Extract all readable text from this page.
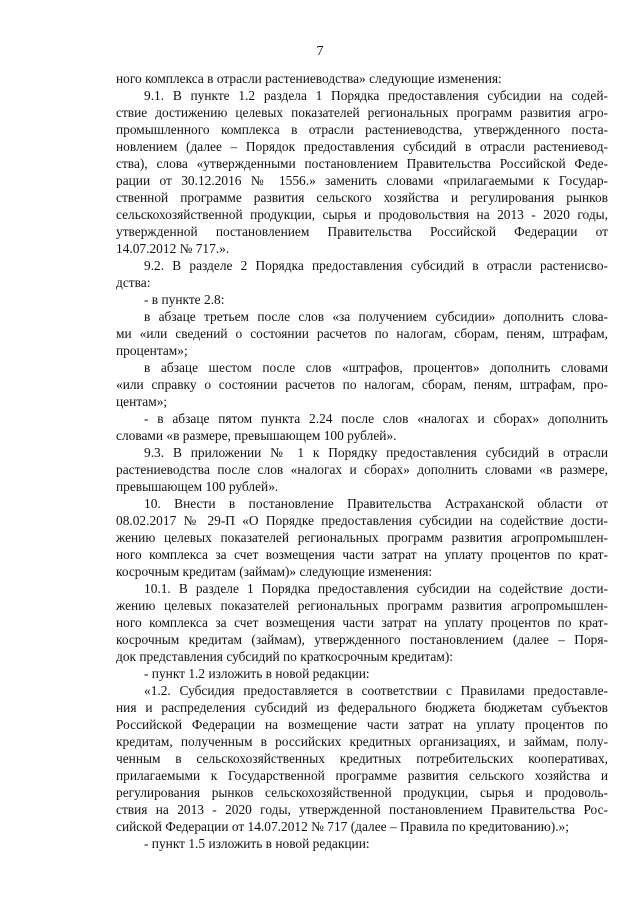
7
ного комплекса в отрасли растениеводства» следующие изменения:
9.1. В пункте 1.2 раздела 1 Порядка предоставления субсидии на содей-
ствие достижению целевых показателей региональных программ развития агро-
промышленного комплекса в отрасли растениеводства, утвержденного поста-
новлением (далее – Порядок предоставления субсидий в отрасли растениевод-
ства), слова «утвержденными постановлением Правительства Российской Феде-
рации от 30.12.2016 № 1556.» заменить словами «прилагаемыми к Государ-
ственной программе развития сельского хозяйства и регулирования рынков
сельскохозяйственной продукции, сырья и продовольствия на 2013 - 2020 годы,
утвержденной постановлением Правительства Российской Федерации от
14.07.2012 № 717.».
9.2. В разделе 2 Порядка предоставления субсидий в отрасли растенисво-
дства:
- в пункте 2.8:
в абзаце третьем после слов «за получением субсидии» дополнить слова-
ми «или сведений о состоянии расчетов по налогам, сборам, пеням, штрафам,
процентам»;
в абзаце шестом после слов «штрафов, процентов» дополнить словами
«или справку о состоянии расчетов по налогам, сборам, пеням, штрафам, про-
центам»;
- в абзаце пятом пункта 2.24 после слов «налогах и сборах» дополнить
словами «в размере, превышающем 100 рублей».
9.3. В приложении № 1 к Порядку предоставления субсидий в отрасли
растениеводства после слов «налогах и сборах» дополнить словами «в размере,
превышающем 100 рублей».
10. Внести в постановление Правительства Астраханской области от
08.02.2017 № 29-П «О Порядке предоставления субсидии на содействие дости-
жению целевых показателей региональных программ развития агропромышлен-
ного комплекса за счет возмещения части затрат на уплату процентов по крат-
косрочным кредитам (займам)» следующие изменения:
10.1. В разделе 1 Порядка предоставления субсидии на содействие дости-
жению целевых показателей региональных программ развития агропромышлен-
ного комплекса за счет возмещения части затрат на уплату процентов по крат-
косрочным кредитам (займам), утвержденного постановлением (далее – Поря-
док представления субсидий по краткосрочным кредитам):
- пункт 1.2 изложить в новой редакции:
«1.2. Субсидия предоставляется в соответствии с Правилами предоставле-
ния и распределения субсидий из федерального бюджета бюджетам субъектов
Российской Федерации на возмещение части затрат на уплату процентов по
кредитам, полученным в российских кредитных организациях, и займам, полу-
ченным в сельскохозяйственных кредитных потребительских кооперативах,
прилагаемыми к Государственной программе развития сельского хозяйства и
регулирования рынков сельскохозяйственной продукции, сырья и продоволь-
ствия на 2013 - 2020 годы, утвержденной постановлением Правительства Рос-
сийской Федерации от 14.07.2012 № 717 (далее – Правила по кредитованию).»;
- пункт 1.5 изложить в новой редакции:
